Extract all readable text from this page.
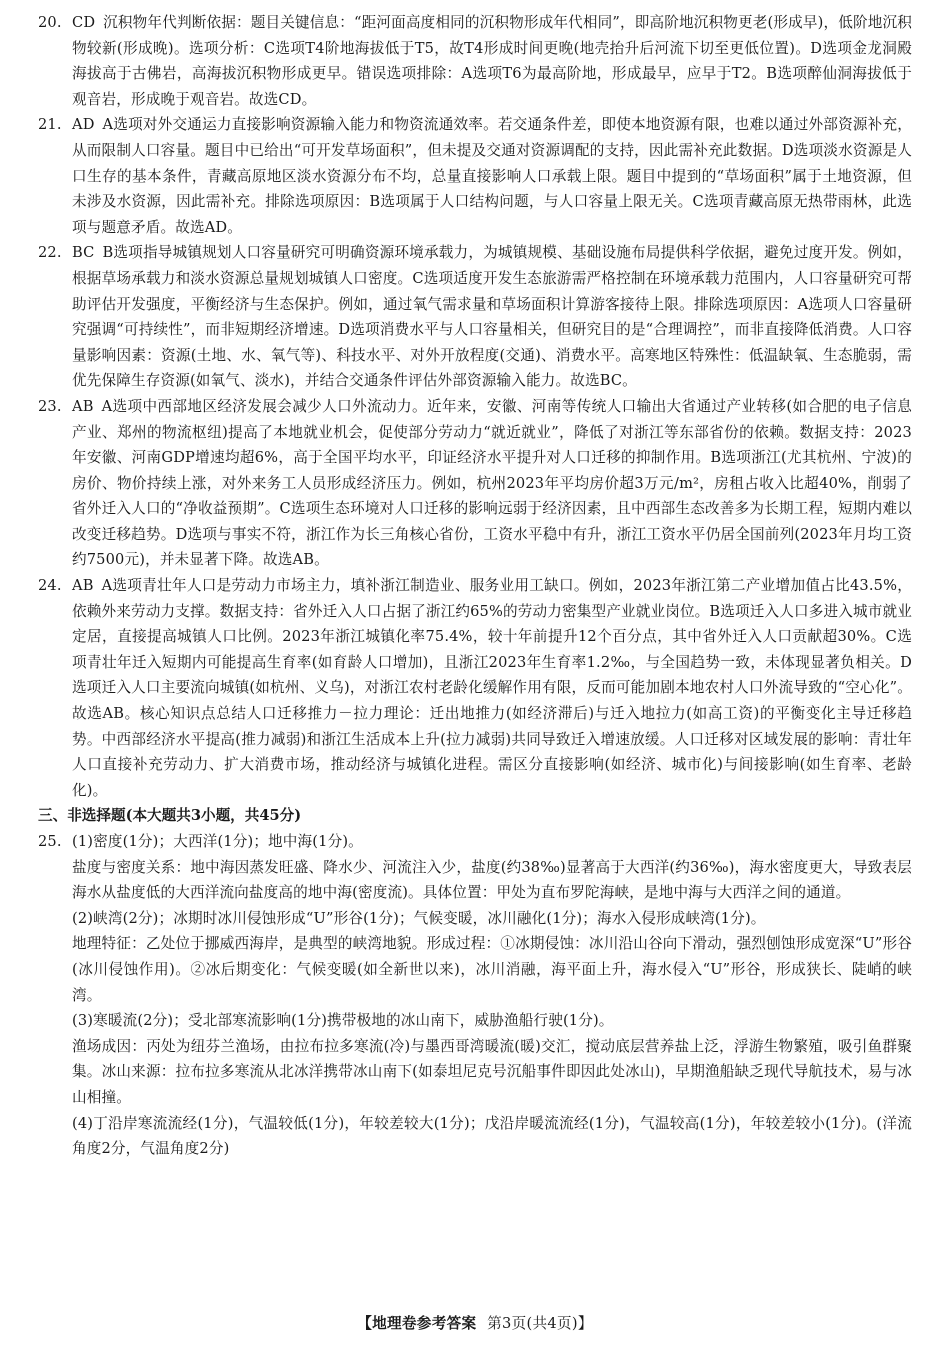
20. CD 沉积物年代判断依据：题目关键信息：“距河面高度相同的沉积物形成年代相同”，即高阶地沉积物更老(形成早)，低阶地沉积物较新(形成晚)。选项分析：C选项T4阶地海拔低于T5，故T4形成时间更晚(地壳抬升后河流下切至更低位置)。D选项金龙洞殿海拔高于古佛岩，高海拔沉积物形成更早。错误选项排除：A选项T6为最高阶地，形成最早，应早于T2。B选项醉仙洞海拔低于观音岩，形成晚于观音岩。故选CD。
21. AD A选项对外交通运力直接影响资源输入能力和物资流通效率。若交通条件差，即使本地资源有限，也难以通过外部资源补充，从而限制人口容量。题目中已给出“可开发草场面积”，但未提及交通对资源调配的支持，因此需补充此数据。D选项淡水资源是人口生存的基本条件，青藏高原地区淡水资源分布不均，总量直接影响人口承载上限。题目中提到的“草场面积”属于土地资源，但未涉及水资源，因此需补充。排除选项原因：B选项属于人口结构问题，与人口容量上限无关。C选项青藏高原无热带雨林，此选项与题意矛盾。故选AD。
22. BC B选项指导城镇规划人口容量研究可明确资源环境承载力，为城镇规模、基础设施布局提供科学依据，避免过度开发。例如，根据草场承载力和淡水资源总量规划城镇人口密度。C选项适度开发生态旅游需严格控制在环境承载力范围内，人口容量研究可帮助评估开发强度，平衡经济与生态保护。例如，通过氧气需求量和草场面积计算游客接待上限。排除选项原因：A选项人口容量研究强调“可持续性”，而非短期经济增速。D选项消费水平与人口容量相关，但研究目的是“合理调控”，而非直接降低消费。人口容量影响因素：资源(土地、水、氧气等)、科技水平、对外开放程度(交通)、消费水平。高寒地区特殊性：低温缺氧、生态脆弱，需优先保障生存资源(如氧气、淡水)，并结合交通条件评估外部资源输入能力。故选BC。
23. AB A选项中西部地区经济发展会减少人口外流动力。近年来，安徽、河南等传统人口输出大省通过产业转移(如合肥的电子信息产业、郑州的物流枢纽)提高了本地就业机会，促使部分劳动力“就近就业”，降低了对浙江等东部省份的依赖。数据支持：2023年安徽、河南GDP增速均超6%，高于全国平均水平，印证经济水平提升对人口迁移的抑制作用。B选项浙江(尤其杭州、宁波)的房价、物价持续上涨，对外来务工人员形成经济压力。例如，杭州2023年平均房价超3万元/m²，房租占收入比超40%，削弱了省外迁入人口的“净收益预期”。C选项生态环境对人口迁移的影响远弱于经济因素，且中西部生态改善多为长期工程，短期内难以改变迁移趋势。D选项与事实不符，浙江作为长三角核心省份，工资水平稳中有升，浙江工资水平仍居全国前列(2023年月均工资约7500元)，并未显著下降。故选AB。
24. AB A选项青壮年人口是劳动力市场主力，填补浙江制造业、服务业用工缺口。例如，2023年浙江第二产业增加值占比43.5%，依赖外来劳动力支撑。数据支持：省外迁入人口占据了浙江约65%的劳动力密集型产业就业岗位。B选项迁入人口多进入城市就业定居，直接提高城镇人口比例。2023年浙江城镇化率75.4%，较十年前提升12个百分点，其中省外迁入人口贡献超30%。C选项青壮年迁入短期内可能提高生育率(如育龄人口增加)，且浙江2023年生育率1.2‰，与全国趋势一致，未体现显著负相关。D选项迁入人口主要流向城镇(如杭州、义乌)，对浙江农村老龄化缓解作用有限，反而可能加剧本地农村人口外流导致的“空心化”。故选AB。核心知识点总结人口迁移推力－拉力理论：迁出地推力(如经济滞后)与迁入地拉力(如高工资)的平衡变化主导迁移趋势。中西部经济水平提高(推力减弱)和浙江生活成本上升(拉力减弱)共同导致迁入增速放缓。人口迁移对区域发展的影响：青壮年人口直接补充劳动力、扩大消费市场，推动经济与城镇化进程。需区分直接影响(如经济、城市化)与间接影响(如生育率、老龄化)。
三、非选择题(本大题共3小题，共45分)
25. (1)密度(1分)；大西洋(1分)；地中海(1分)。
盐度与密度关系：地中海因蒸发旺盛、降水少、河流注入少，盐度(约38‰)显著高于大西洋(约36‰)，海水密度更大，导致表层海水从盐度低的大西洋流向盐度高的地中海(密度流)。具体位置：甲处为直布罗陀海峡，是地中海与大西洋之间的通道。
(2)峡湾(2分)；冰期时冰川侵蚀形成“U”形谷(1分)；气候变暖，冰川融化(1分)；海水入侵形成峡湾(1分)。
地理特征：乙处位于挪威西海岸，是典型的峡湾地貌。形成过程：①冰期侵蚀：冰川沿山谷向下滑动，强烈刨蚀形成宽深“U”形谷(冰川侵蚀作用)。②冰后期变化：气候变暖(如全新世以来)，冰川消融，海平面上升，海水侵入“U”形谷，形成狭长、陡峭的峡湾。
(3)寒暖流(2分)；受北部寒流影响(1分)携带极地的冰山南下，威胁渔船行驶(1分)。
渔场成因：丙处为纽芬兰渔场，由拉布拉多寒流(冷)与墨西哥湾暖流(暖)交汇，搅动底层营养盐上泛，浮游生物繁殖，吸引鱼群聚集。冰山来源：拉布拉多寒流从北冰洋携带冰山南下(如泰坦尼克号沉船事件即因此处冰山)，早期渔船缺乏现代导航技术，易与冰山相撞。
(4)丁沿岸寒流流经(1分)，气温较低(1分)，年较差较大(1分)；戊沿岸暖流流经(1分)，气温较高(1分)，年较差较小(1分)。(洋流角度2分，气温角度2分)
【地理卷参考答案 第3页(共4页)】
